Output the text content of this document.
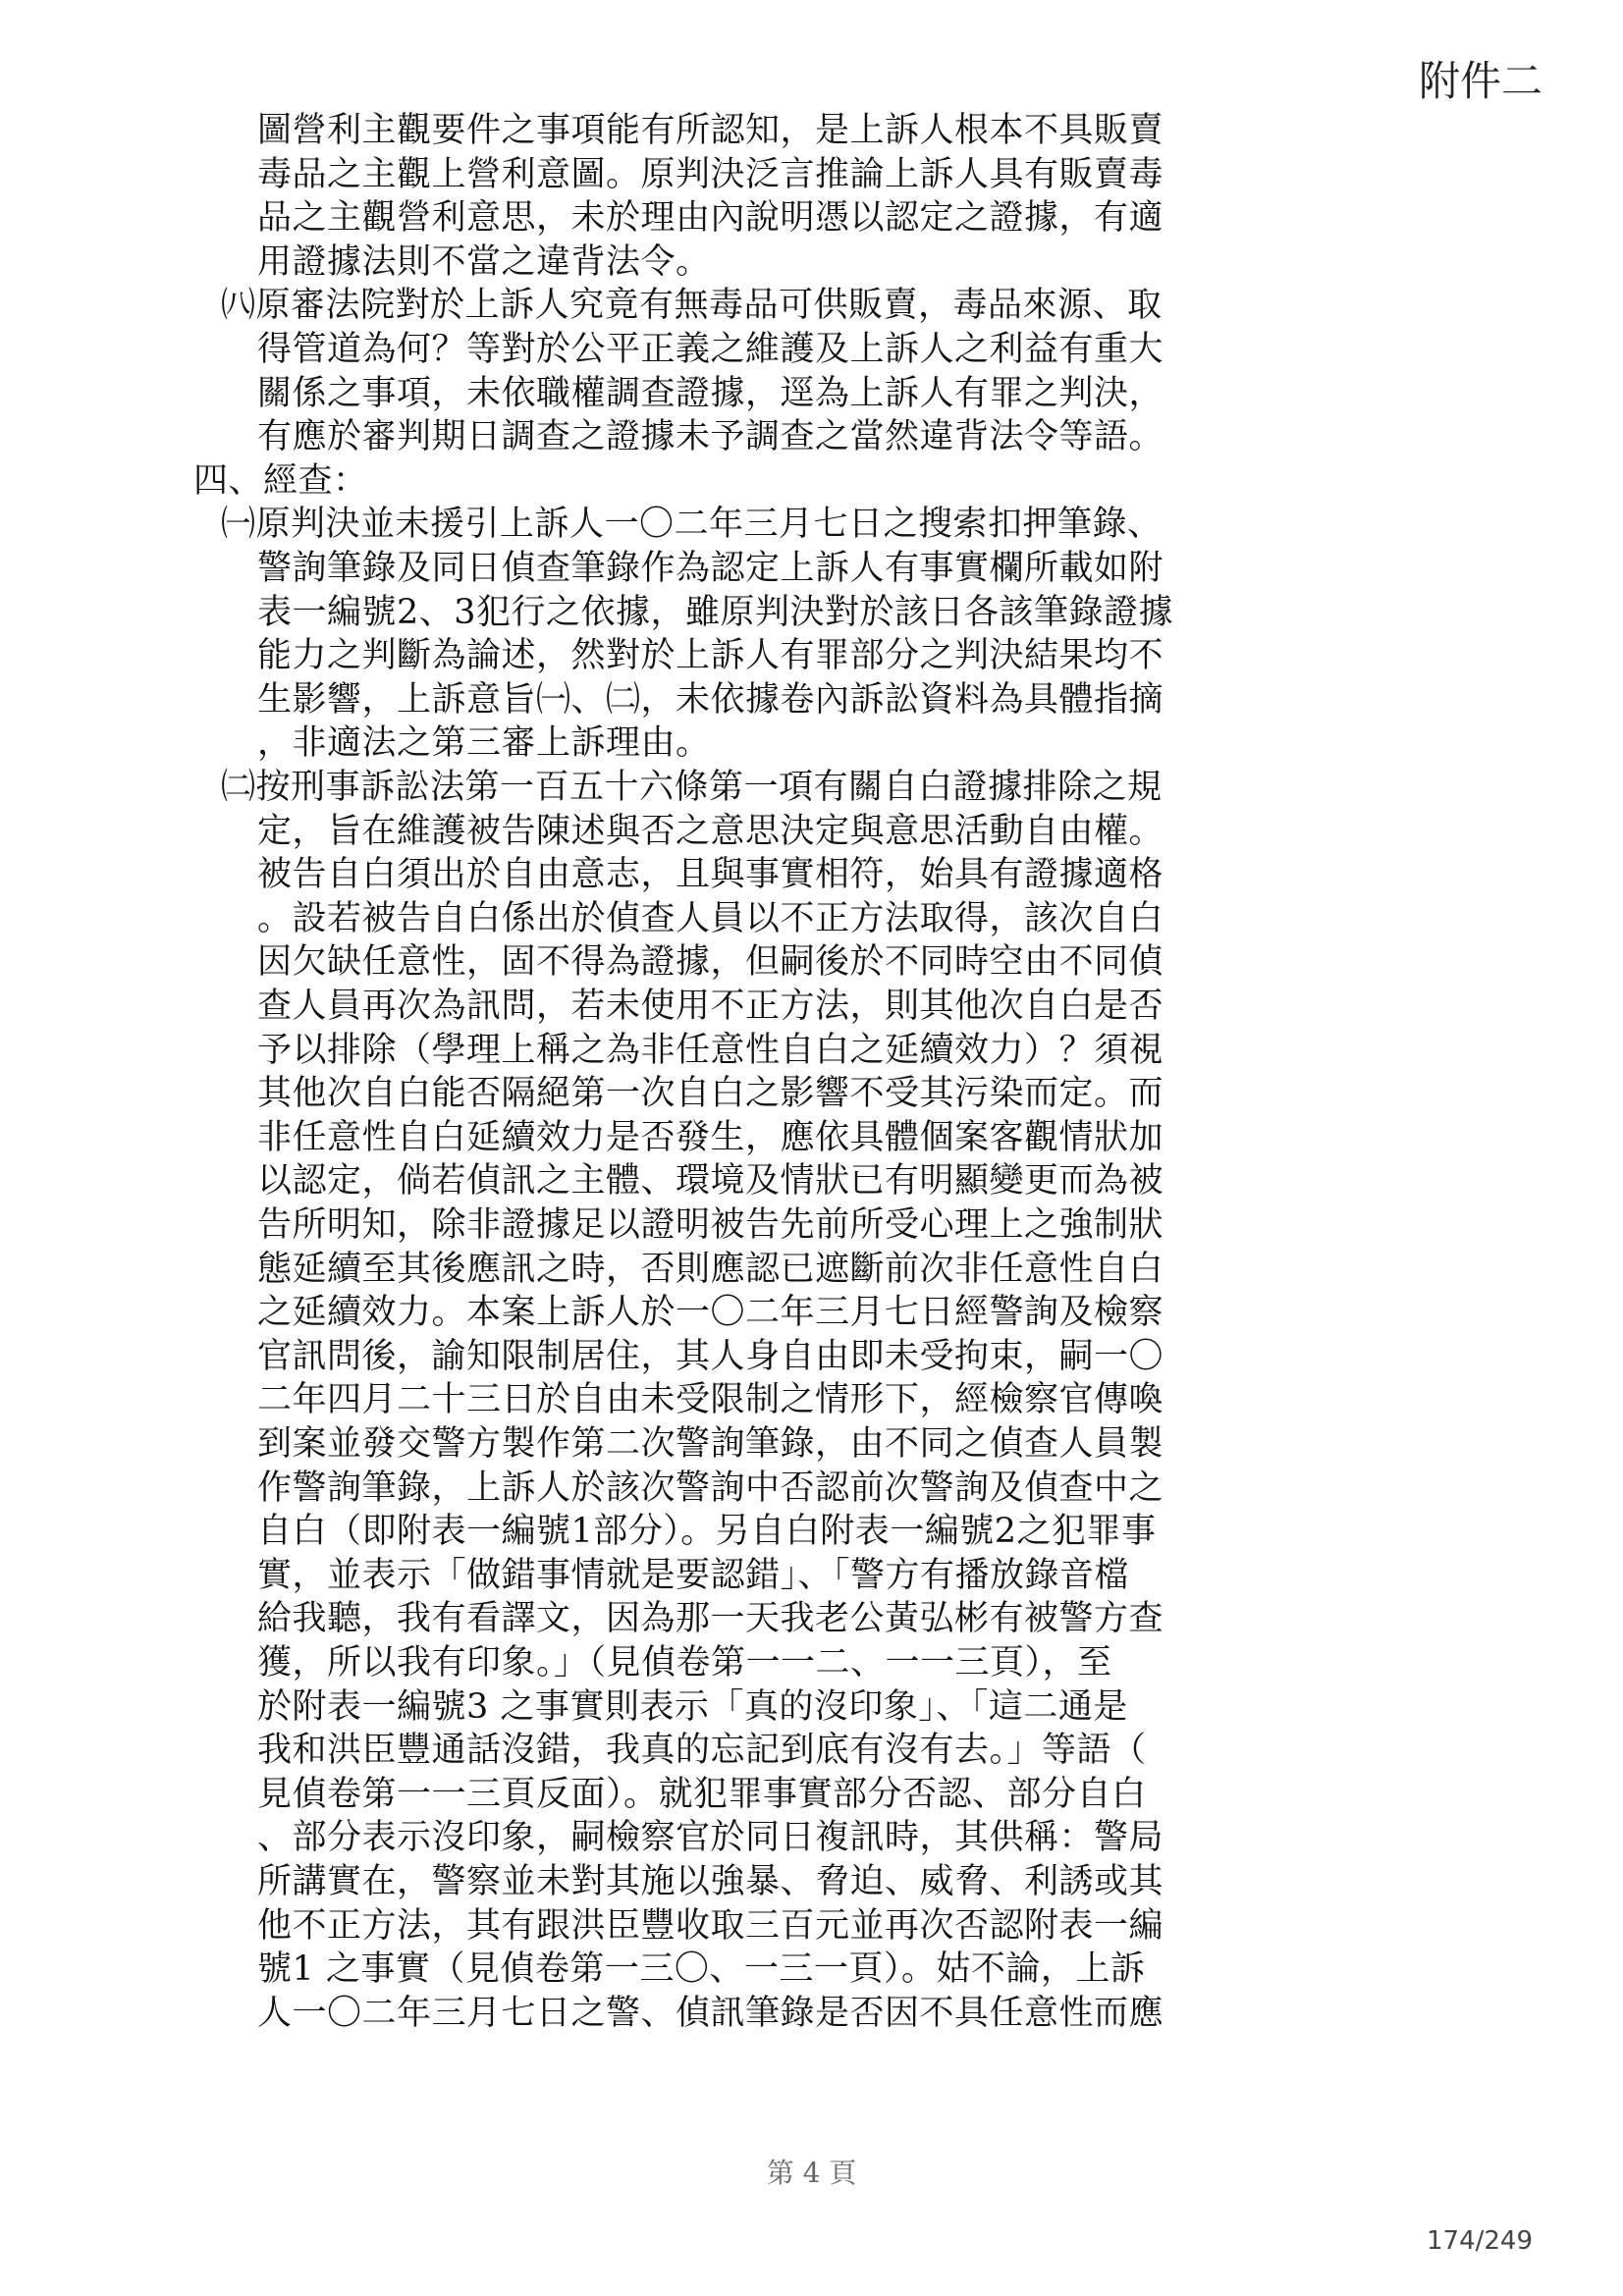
附件二
圖營利主觀要件之事項能有所認知，是上訴人根本不具販賣
毒品之主觀上營利意圖。原判決泛言推論上訴人具有販賣毒
品之主觀營利意思，未於理由內說明憑以認定之證據，有適
用證據法則不當之違背法令。
㈧原審法院對於上訴人究竟有無毒品可供販賣，毒品來源、取
得管道為何？等對於公平正義之維護及上訴人之利益有重大
關係之事項，未依職權調查證據，逕為上訴人有罪之判決，
有應於審判期日調查之證據未予調查之當然違背法令等語。
四、經查：
㈠原判決並未援引上訴人一〇二年三月七日之搜索扣押筆錄、
警詢筆錄及同日偵查筆錄作為認定上訴人有事實欄所載如附
表一編號2、3犯行之依據，雖原判決對於該日各該筆錄證據
能力之判斷為論述，然對於上訴人有罪部分之判決結果均不
生影響，上訴意旨㈠、㈡，未依據卷內訴訟資料為具體指摘
，非適法之第三審上訴理由。
㈡按刑事訴訟法第一百五十六條第一項有關自白證據排除之規
定，旨在維護被告陳述與否之意思決定與意思活動自由權。
被告自白須出於自由意志，且與事實相符，始具有證據適格
。設若被告自白係出於偵查人員以不正方法取得，該次自白
因欠缺任意性，固不得為證據，但嗣後於不同時空由不同偵
查人員再次為訊問，若未使用不正方法，則其他次自白是否
予以排除（學理上稱之為非任意性自白之延續效力）？須視
其他次自白能否隔絕第一次自白之影響不受其污染而定。而
非任意性自白延續效力是否發生，應依具體個案客觀情狀加
以認定，倘若偵訊之主體、環境及情狀已有明顯變更而為被
告所明知，除非證據足以證明被告先前所受心理上之強制狀
態延續至其後應訊之時，否則應認已遮斷前次非任意性自白
之延續效力。本案上訴人於一〇二年三月七日經警詢及檢察
官訊問後，諭知限制居住，其人身自由即未受拘束，嗣一〇
二年四月二十三日於自由未受限制之情形下，經檢察官傳喚
到案並發交警方製作第二次警詢筆錄，由不同之偵查人員製
作警詢筆錄，上訴人於該次警詢中否認前次警詢及偵查中之
自白（即附表一編號1部分）。另自白附表一編號2之犯罪事
實，並表示「做錯事情就是要認錯」、「警方有播放錄音檔
給我聽，我有看譯文，因為那一天我老公黃弘彬有被警方查
獲，所以我有印象。」（見偵卷第一一二、一一三頁），至
於附表一編號3 之事實則表示「真的沒印象」、「這二通是
我和洪臣豐通話沒錯，我真的忘記到底有沒有去。」等語（
見偵卷第一一三頁反面）。就犯罪事實部分否認、部分自白
、部分表示沒印象，嗣檢察官於同日複訊時，其供稱：警局
所講實在，警察並未對其施以強暴、脅迫、威脅、利誘或其
他不正方法，其有跟洪臣豐收取三百元並再次否認附表一編
號1 之事實（見偵卷第一三〇、一三一頁）。姑不論，上訴
人一〇二年三月七日之警、偵訊筆錄是否因不具任意性而應
第 4 頁
174/249
